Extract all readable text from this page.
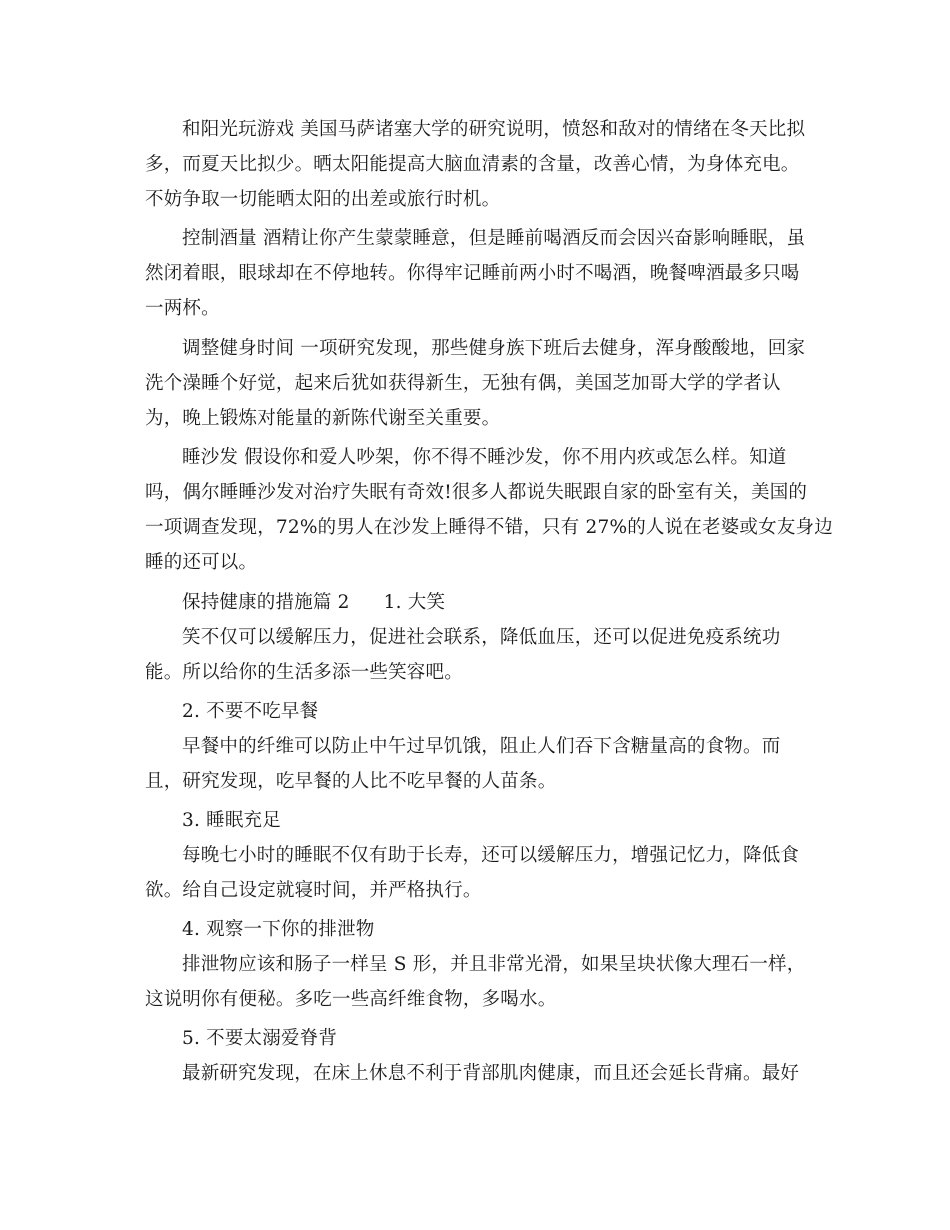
和阳光玩游戏 美国马萨诸塞大学的研究说明，愤怒和敌对的情绪在冬天比拟
多，而夏天比拟少。晒太阳能提高大脑血清素的含量，改善心情，为身体充电。
不妨争取一切能晒太阳的出差或旅行时机。
控制酒量 酒精让你产生蒙蒙睡意，但是睡前喝酒反而会因兴奋影响睡眠，虽
然闭着眼，眼球却在不停地转。你得牢记睡前两小时不喝酒，晚餐啤酒最多只喝
一两杯。
调整健身时间 一项研究发现，那些健身族下班后去健身，浑身酸酸地，回家
洗个澡睡个好觉，起来后犹如获得新生，无独有偶，美国芝加哥大学的学者认
为，晚上锻炼对能量的新陈代谢至关重要。
睡沙发 假设你和爱人吵架，你不得不睡沙发，你不用内疚或怎么样。知道
吗，偶尔睡睡沙发对治疗失眠有奇效!很多人都说失眠跟自家的卧室有关，美国的
一项调查发现，72%的男人在沙发上睡得不错，只有 27%的人说在老婆或女友身边
睡的还可以。
保持健康的措施篇 2 1. 大笑
笑不仅可以缓解压力，促进社会联系，降低血压，还可以促进免疫系统功
能。所以给你的生活多添一些笑容吧。
2. 不要不吃早餐
早餐中的纤维可以防止中午过早饥饿，阻止人们吞下含糖量高的食物。而
且，研究发现，吃早餐的人比不吃早餐的人苗条。
3. 睡眠充足
每晚七小时的睡眠不仅有助于长寿，还可以缓解压力，增强记忆力，降低食
欲。给自己设定就寝时间，并严格执行。
4. 观察一下你的排泄物
排泄物应该和肠子一样呈 S 形，并且非常光滑，如果呈块状像大理石一样，
这说明你有便秘。多吃一些高纤维食物，多喝水。
5. 不要太溺爱脊背
最新研究发现，在床上休息不利于背部肌肉健康，而且还会延长背痛。最好
